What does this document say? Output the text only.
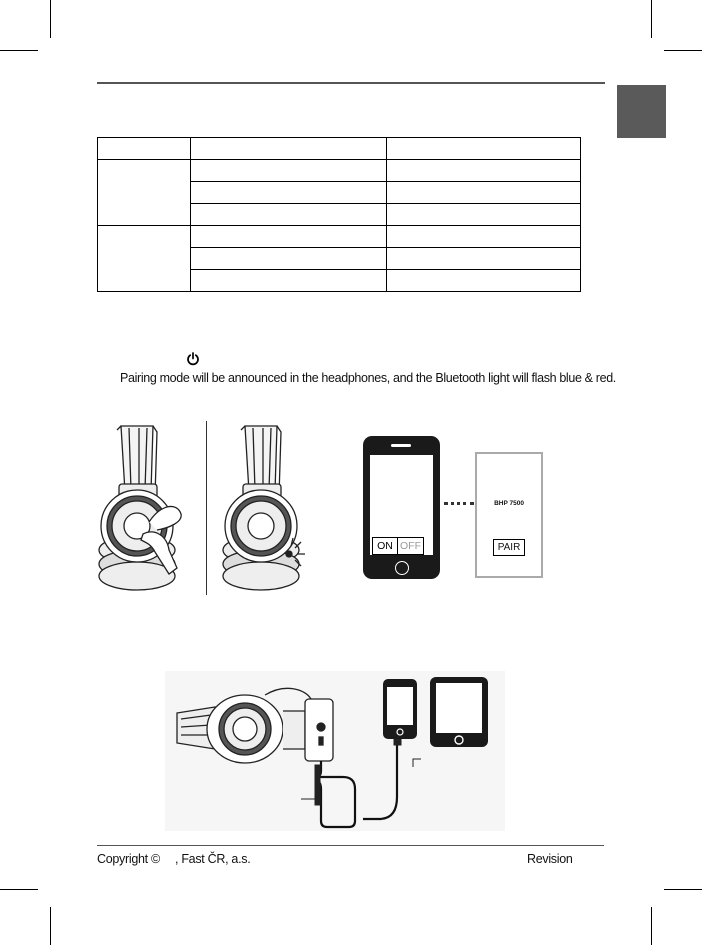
Pairing mode will be announced in the headphones, and the Bluetooth light will flash blue & red.
ON OFF
BHP 7500
PAIR
Copyright © , Fast ČR, a.s.	Revision
